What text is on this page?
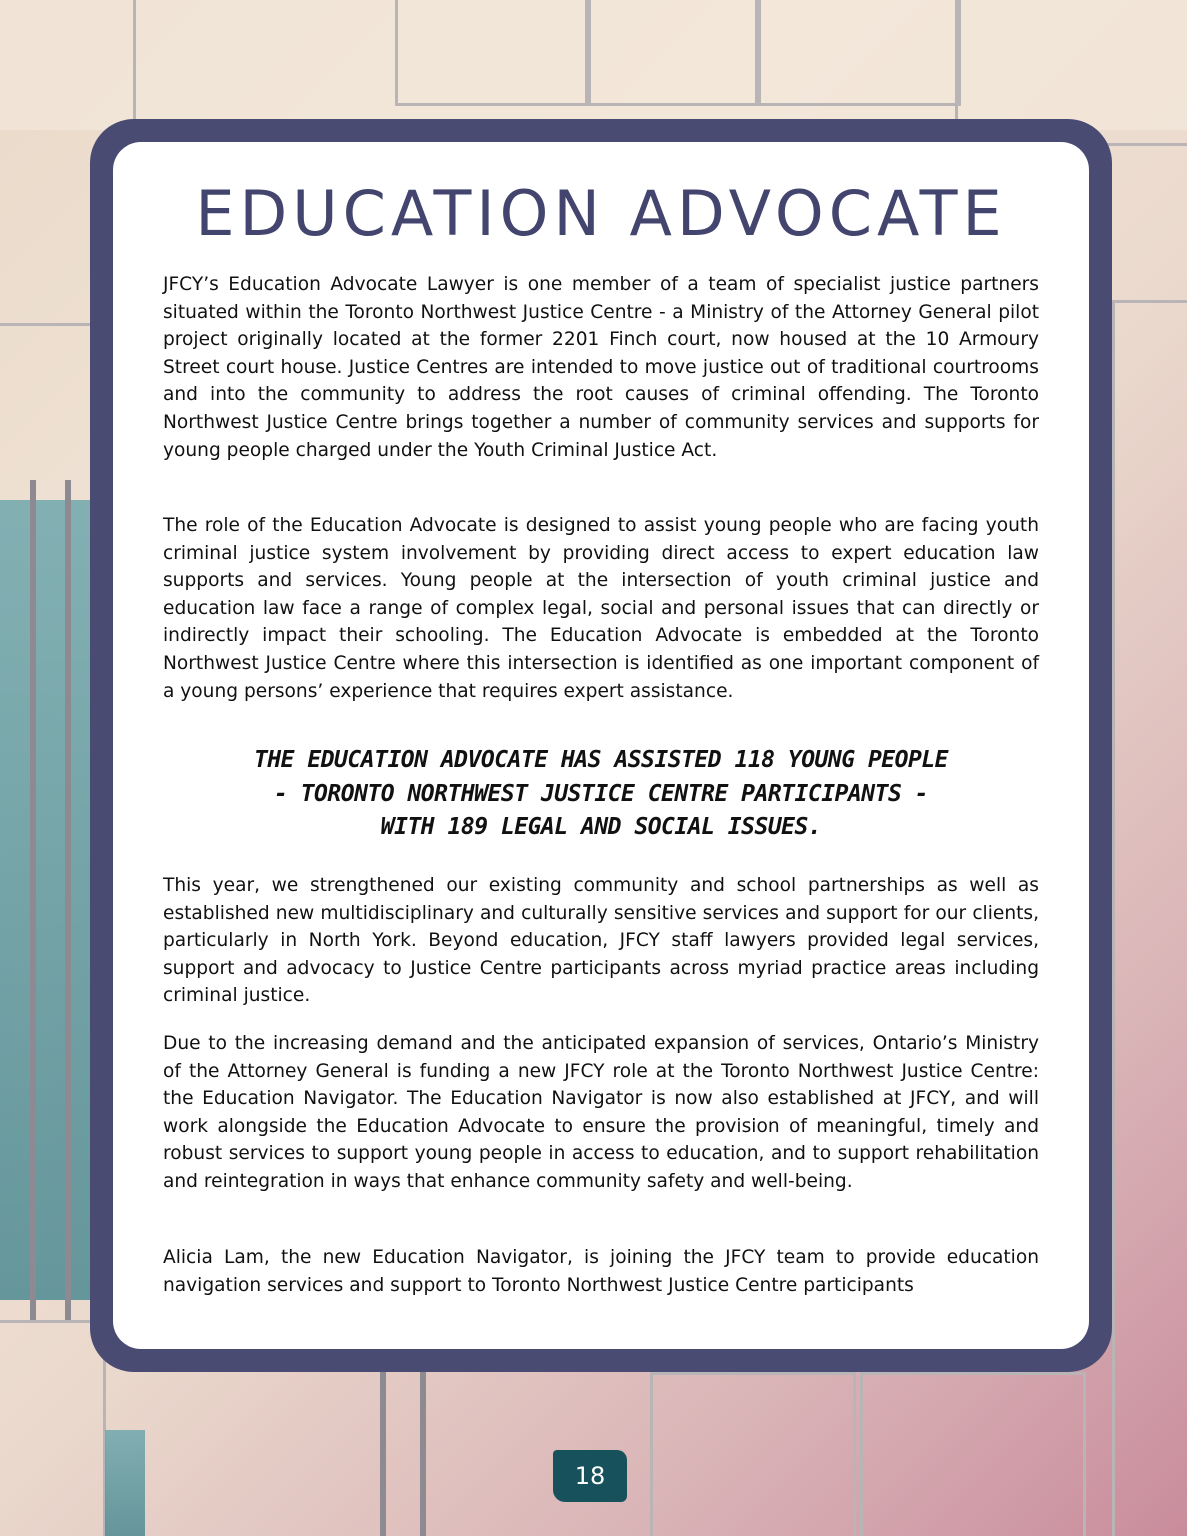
EDUCATION ADVOCATE

JFCY’s Education Advocate Lawyer is one member of a team of specialist justice partners situated within the Toronto Northwest Justice Centre - a Ministry of the Attorney General pilot project originally located at the former 2201 Finch court, now housed at the 10 Armoury Street court house. Justice Centres are intended to move justice out of traditional courtrooms and into the community to address the root causes of criminal offending. The Toronto Northwest Justice Centre brings together a number of community services and supports for young people charged under the Youth Criminal Justice Act.

The role of the Education Advocate is designed to assist young people who are facing youth criminal justice system involvement by providing direct access to expert education law supports and services. Young people at the intersection of youth criminal justice and education law face a range of complex legal, social and personal issues that can directly or indirectly impact their schooling. The Education Advocate is embedded at the Toronto Northwest Justice Centre where this intersection is identified as one important component of a young persons’ experience that requires expert assistance.

THE EDUCATION ADVOCATE HAS ASSISTED 118 YOUNG PEOPLE
- TORONTO NORTHWEST JUSTICE CENTRE PARTICIPANTS -
WITH 189 LEGAL AND SOCIAL ISSUES.

This year, we strengthened our existing community and school partnerships as well as established new multidisciplinary and culturally sensitive services and support for our clients, particularly in North York. Beyond education, JFCY staff lawyers provided legal services, support and advocacy to Justice Centre participants across myriad practice areas including criminal justice.

Due to the increasing demand and the anticipated expansion of services, Ontario’s Ministry of the Attorney General is funding a new JFCY role at the Toronto Northwest Justice Centre: the Education Navigator. The Education Navigator is now also established at JFCY, and will work alongside the Education Advocate to ensure the provision of meaningful, timely and robust services to support young people in access to education, and to support rehabilitation and reintegration in ways that enhance community safety and well-being.

Alicia Lam, the new Education Navigator, is joining the JFCY team to provide education navigation services and support to Toronto Northwest Justice Centre participants

18
